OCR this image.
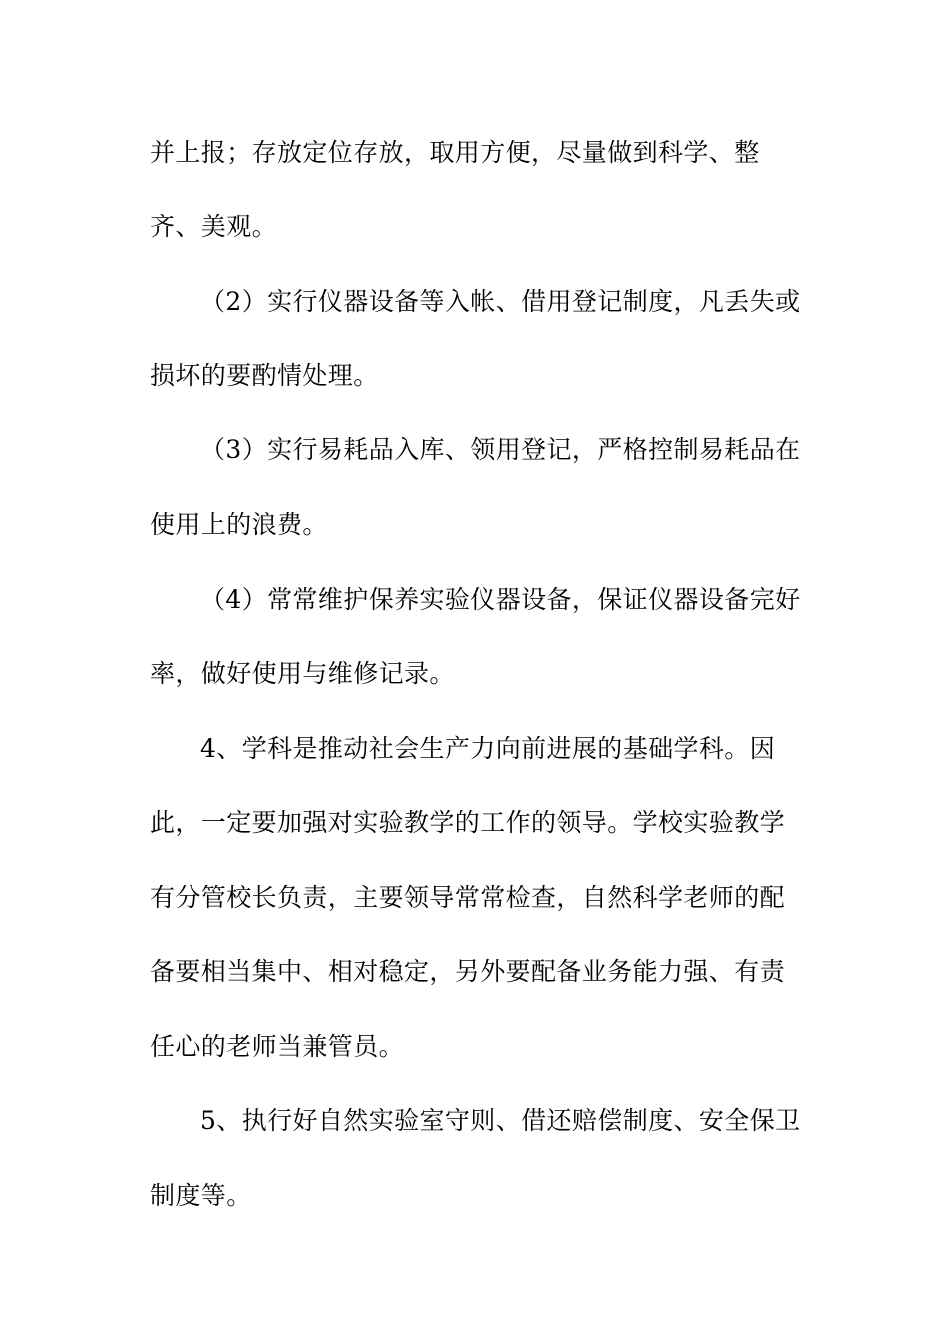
并上报；存放定位存放，取用方便，尽量做到科学、整
齐、美观。
（2）实行仪器设备等入帐、借用登记制度，凡丢失或
损坏的要酌情处理。
（3）实行易耗品入库、领用登记，严格控制易耗品在
使用上的浪费。
（4）常常维护保养实验仪器设备，保证仪器设备完好
率，做好使用与维修记录。
4、学科是推动社会生产力向前进展的基础学科。因
此，一定要加强对实验教学的工作的领导。学校实验教学
有分管校长负责，主要领导常常检查，自然科学老师的配
备要相当集中、相对稳定，另外要配备业务能力强、有责
任心的老师当兼管员。
5、执行好自然实验室守则、借还赔偿制度、安全保卫
制度等。
